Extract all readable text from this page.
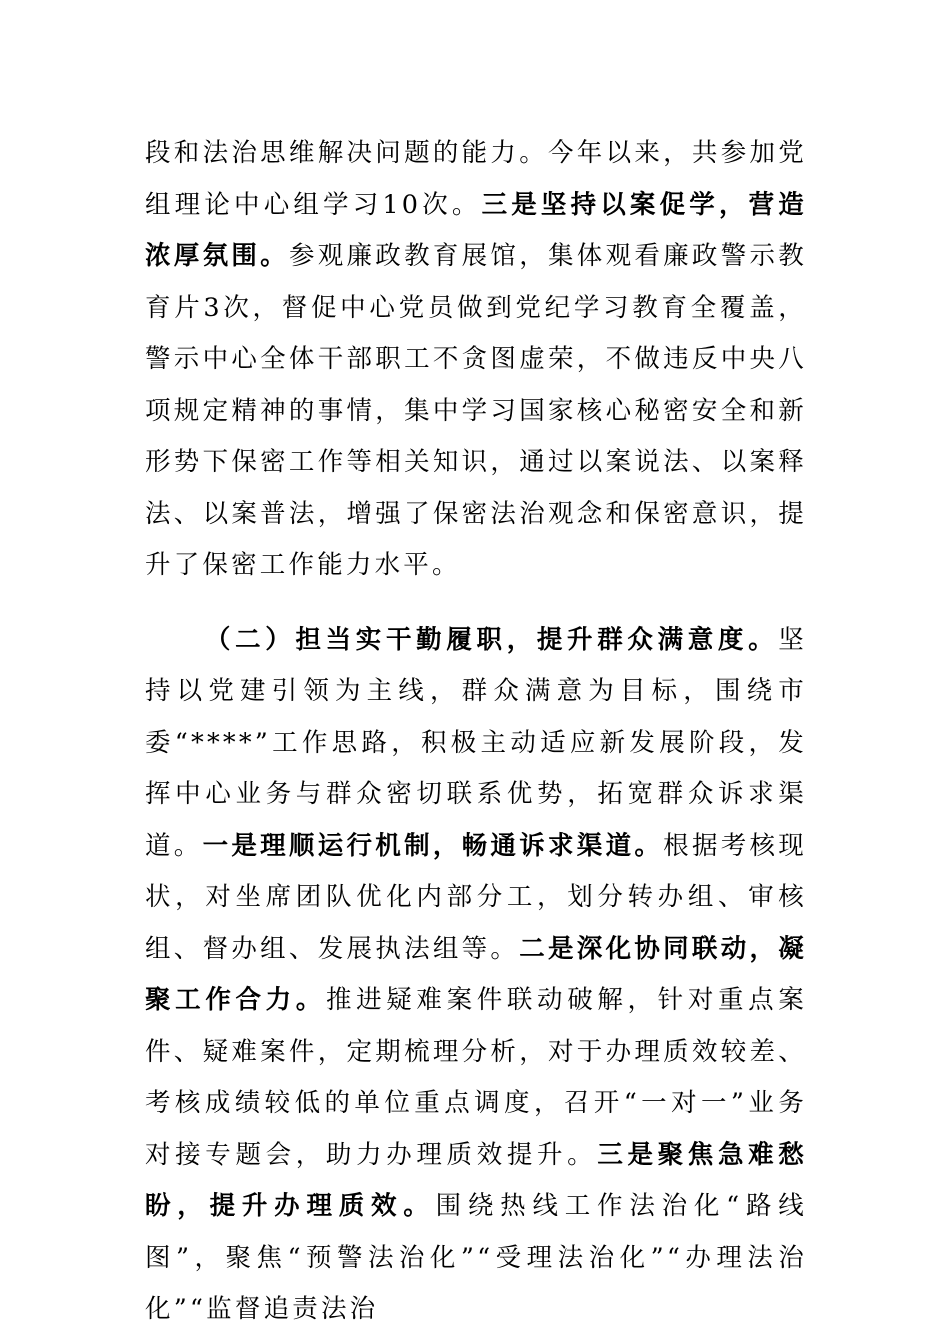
段和法治思维解决问题的能力。今年以来，共参加党组理论中心组学习10次。三是坚持以案促学，营造浓厚氛围。参观廉政教育展馆，集体观看廉政警示教育片3次，督促中心党员做到党纪学习教育全覆盖，警示中心全体干部职工不贪图虚荣，不做违反中央八项规定精神的事情，集中学习国家核心秘密安全和新形势下保密工作等相关知识，通过以案说法、以案释法、以案普法，增强了保密法治观念和保密意识，提升了保密工作能力水平。

（二）担当实干勤履职，提升群众满意度。坚持以党建引领为主线，群众满意为目标，围绕市委“****”工作思路，积极主动适应新发展阶段，发挥中心业务与群众密切联系优势，拓宽群众诉求渠道。一是理顺运行机制，畅通诉求渠道。根据考核现状，对坐席团队优化内部分工，划分转办组、审核组、督办组、发展执法组等。二是深化协同联动，凝聚工作合力。推进疑难案件联动破解，针对重点案件、疑难案件，定期梳理分析，对于办理质效较差、考核成绩较低的单位重点调度，召开“一对一”业务对接专题会，助力办理质效提升。三是聚焦急难愁盼，提升办理质效。围绕热线工作法治化“路线图”，聚焦“预警法治化”“受理法治化”“办理法治化”“监督追责法治
